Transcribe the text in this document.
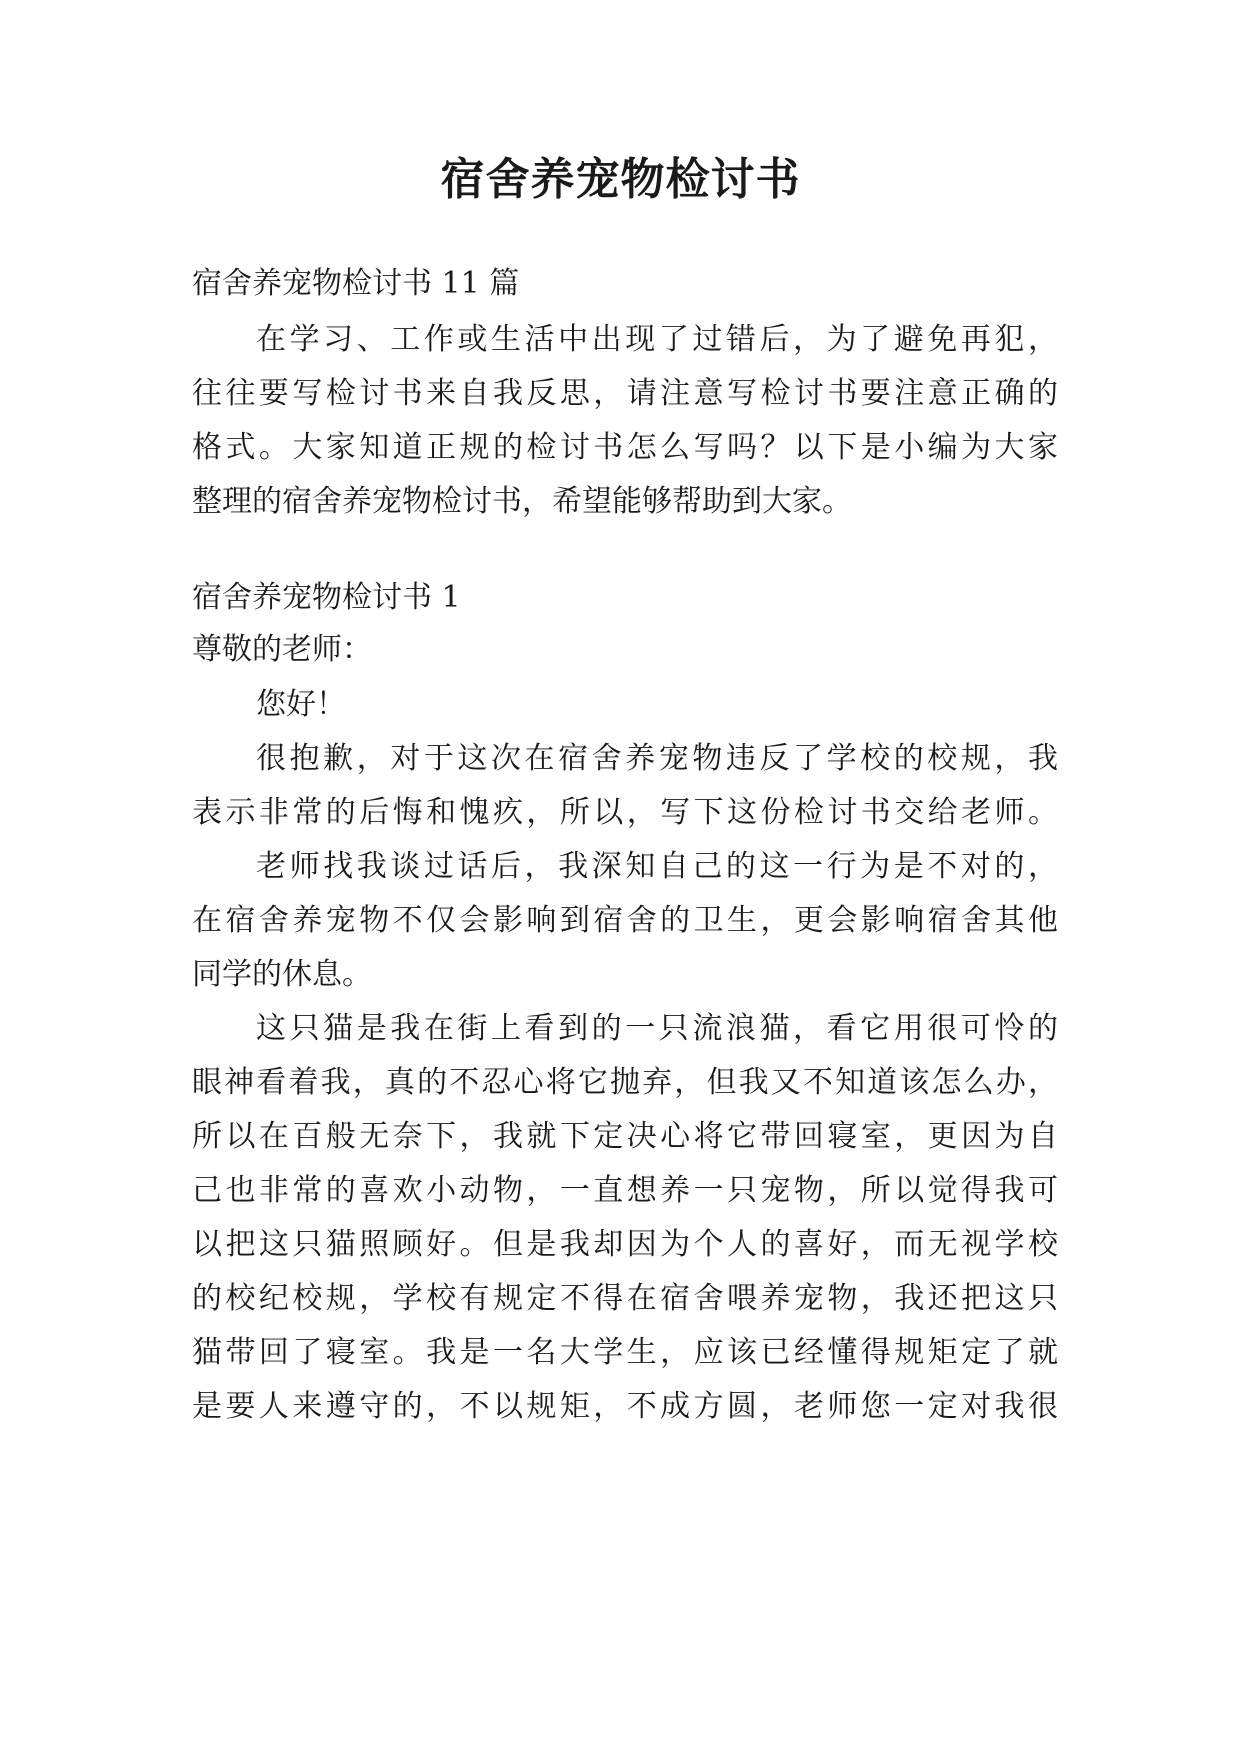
宿舍养宠物检讨书
宿舍养宠物检讨书 11 篇
在学习、工作或生活中出现了过错后，为了避免再犯，
往往要写检讨书来自我反思，请注意写检讨书要注意正确的
格式。大家知道正规的检讨书怎么写吗？以下是小编为大家
整理的宿舍养宠物检讨书，希望能够帮助到大家。
宿舍养宠物检讨书 1
尊敬的老师：
您好！
很抱歉，对于这次在宿舍养宠物违反了学校的校规，我
表示非常的后悔和愧疚，所以，写下这份检讨书交给老师。
老师找我谈过话后，我深知自己的这一行为是不对的，
在宿舍养宠物不仅会影响到宿舍的卫生，更会影响宿舍其他
同学的休息。
这只猫是我在街上看到的一只流浪猫，看它用很可怜的
眼神看着我，真的不忍心将它抛弃，但我又不知道该怎么办，
所以在百般无奈下，我就下定决心将它带回寝室，更因为自
己也非常的喜欢小动物，一直想养一只宠物，所以觉得我可
以把这只猫照顾好。但是我却因为个人的喜好，而无视学校
的校纪校规，学校有规定不得在宿舍喂养宠物，我还把这只
猫带回了寝室。我是一名大学生，应该已经懂得规矩定了就
是要人来遵守的，不以规矩，不成方圆，老师您一定对我很
